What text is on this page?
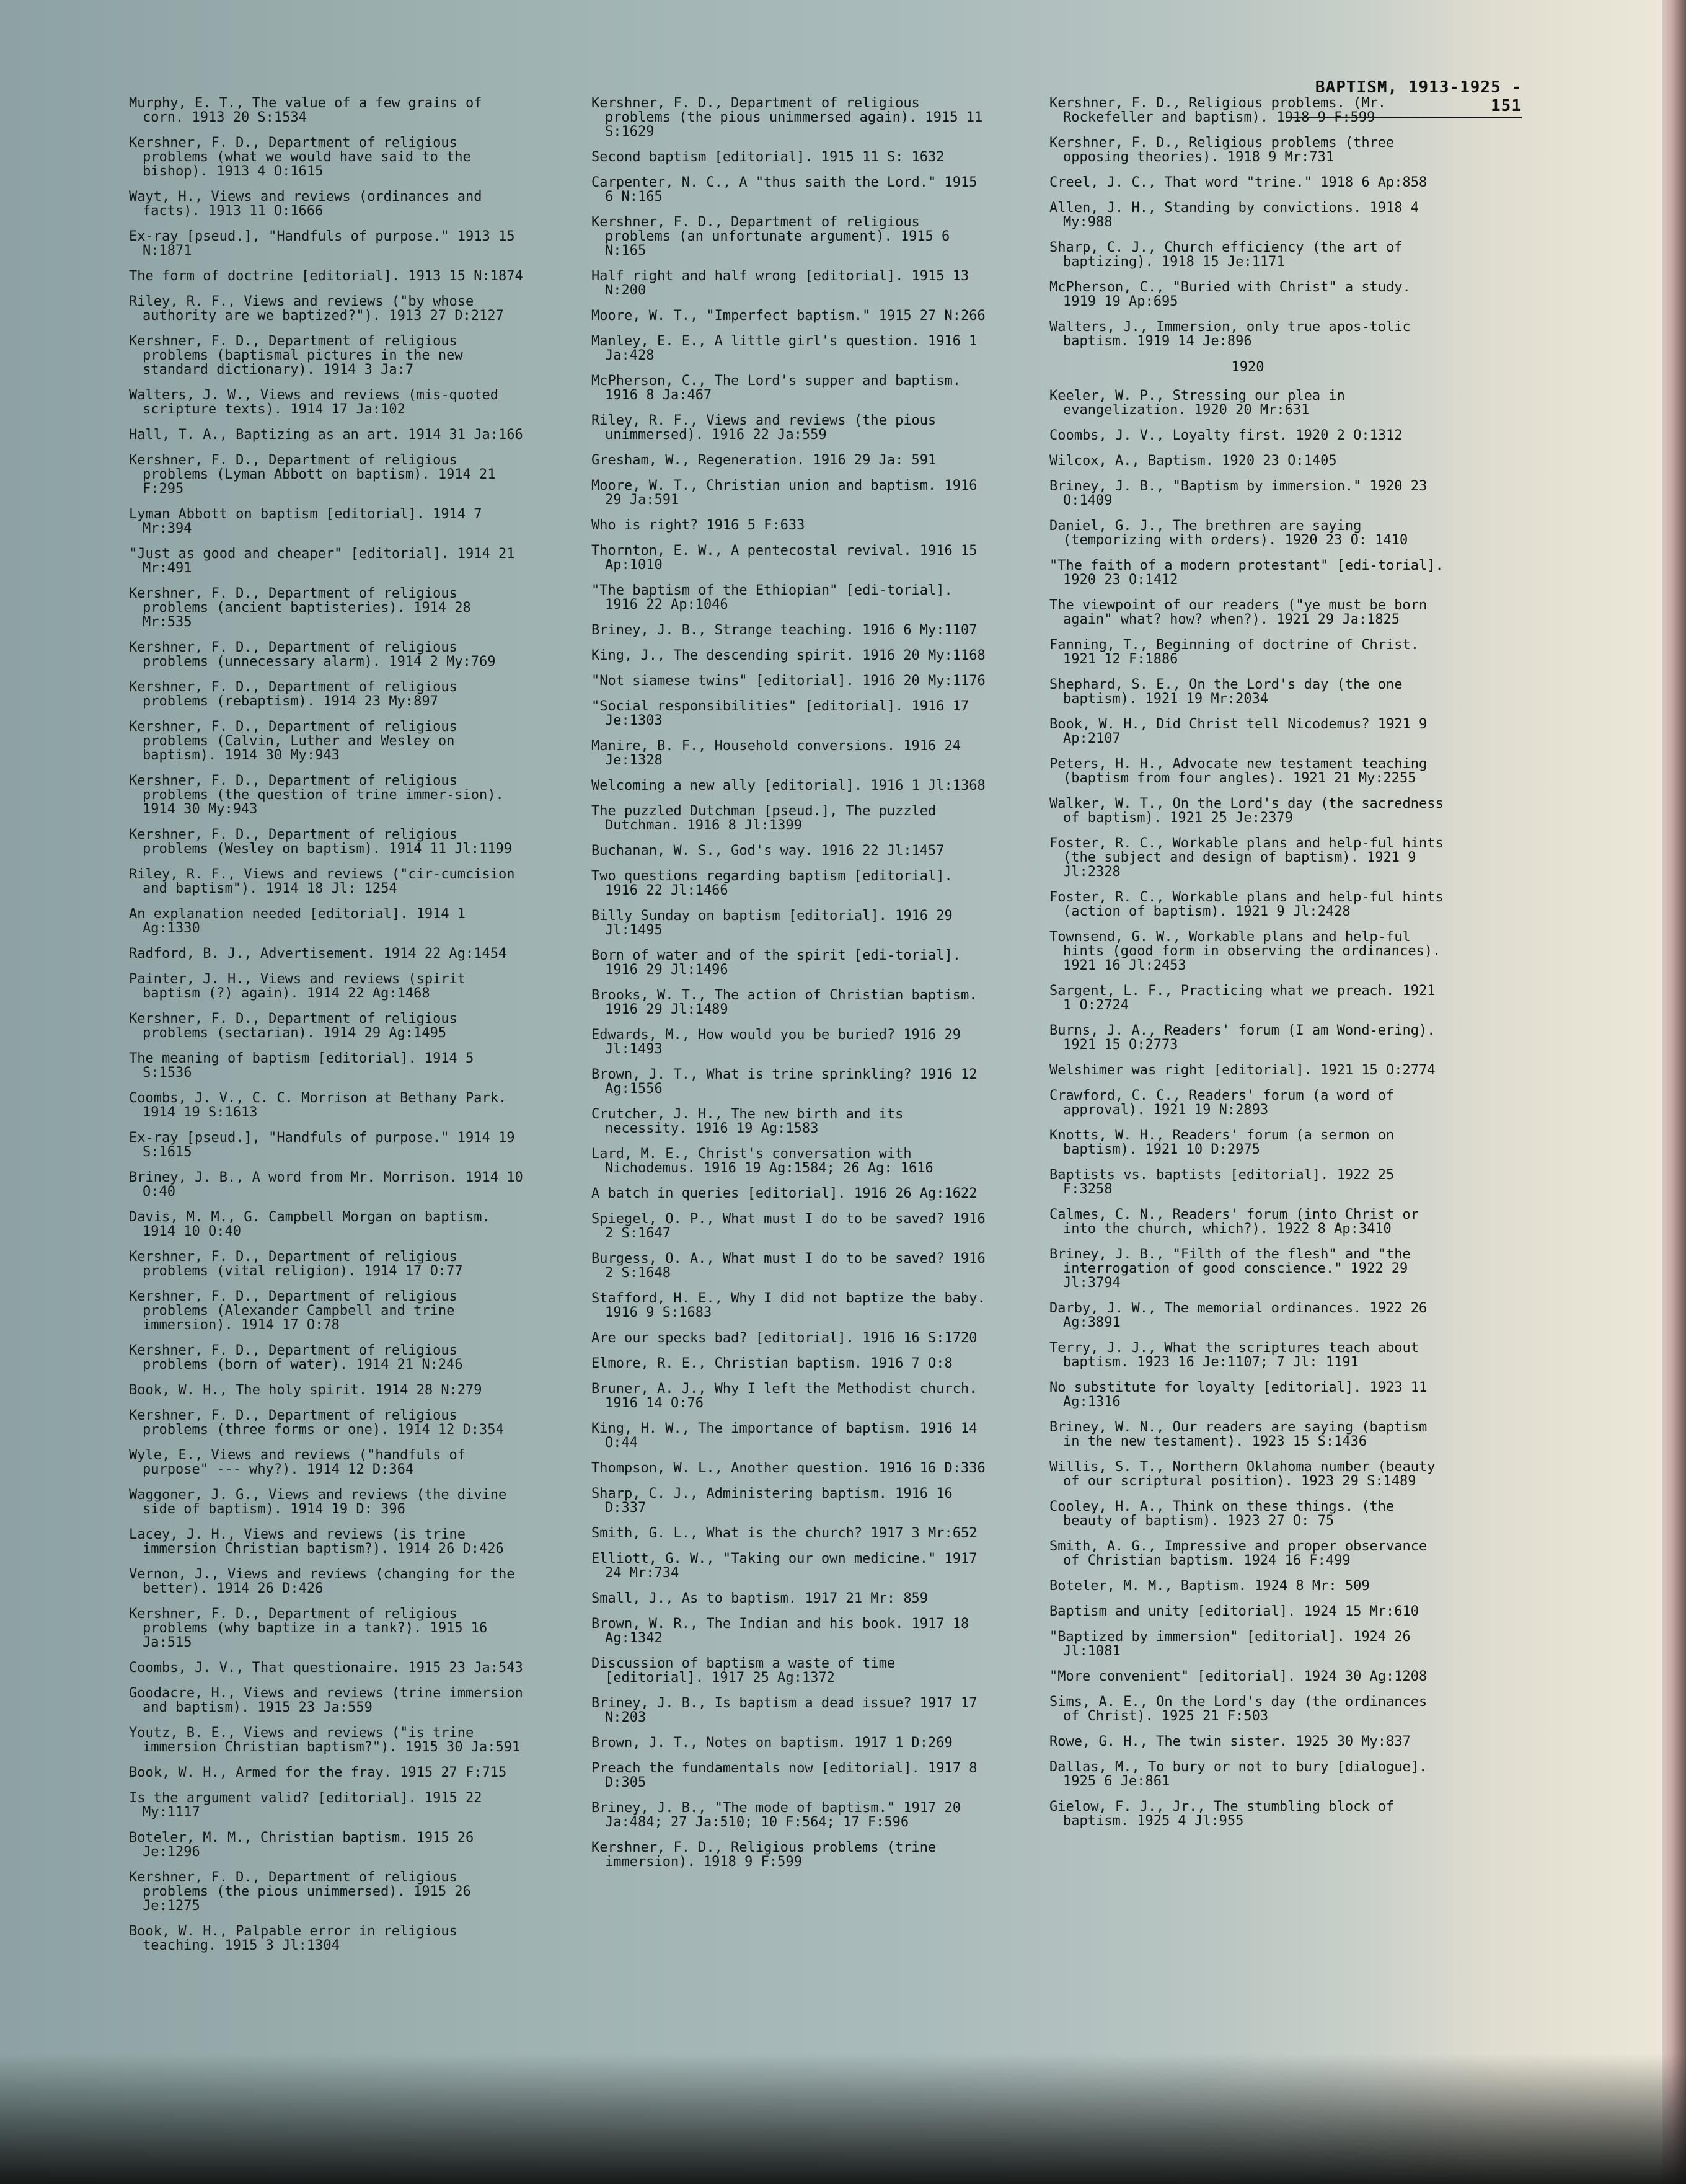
BAPTISM, 1913-1925 - 151
Murphy, E. T., The value of a few grains of corn. 1913 20 S:1534
Kershner, F. D., Department of religious problems (what we would have said to the bishop). 1913 4 O:1615
Wayt, H., Views and reviews (ordinances and facts). 1913 11 O:1666
Ex-ray [pseud.], "Handfuls of purpose." 1913 15 N:1871
The form of doctrine [editorial]. 1913 15 N:1874
Riley, R. F., Views and reviews ("by whose authority are we baptized?"). 1913 27 D:2127
Kershner, F. D., Department of religious problems (baptismal pictures in the new standard dictionary). 1914 3 Ja:7
Walters, J. W., Views and reviews (mis-quoted scripture texts). 1914 17 Ja:102
Hall, T. A., Baptizing as an art. 1914 31 Ja:166
Kershner, F. D., Department of religious problems (Lyman Abbott on baptism). 1914 21 F:295
Lyman Abbott on baptism [editorial]. 1914 7 Mr:394
"Just as good and cheaper" [editorial]. 1914 21 Mr:491
Kershner, F. D., Department of religious problems (ancient baptisteries). 1914 28 Mr:535
Kershner, F. D., Department of religious problems (unnecessary alarm). 1914 2 My:769
Kershner, F. D., Department of religious problems (rebaptism). 1914 23 My:897
Kershner, F. D., Department of religious problems (Calvin, Luther and Wesley on baptism). 1914 30 My:943
Kershner, F. D., Department of religious problems (the question of trine immer-sion). 1914 30 My:943
Kershner, F. D., Department of religious problems (Wesley on baptism). 1914 11 Jl:1199
Riley, R. F., Views and reviews ("cir-cumcision and baptism"). 1914 18 Jl: 1254
An explanation needed [editorial]. 1914 1 Ag:1330
Radford, B. J., Advertisement. 1914 22 Ag:1454
Painter, J. H., Views and reviews (spirit baptism (?) again). 1914 22 Ag:1468
Kershner, F. D., Department of religious problems (sectarian). 1914 29 Ag:1495
The meaning of baptism [editorial]. 1914 5 S:1536
Coombs, J. V., C. C. Morrison at Bethany Park. 1914 19 S:1613
Ex-ray [pseud.], "Handfuls of purpose." 1914 19 S:1615
Briney, J. B., A word from Mr. Morrison. 1914 10 O:40
Davis, M. M., G. Campbell Morgan on baptism. 1914 10 O:40
Kershner, F. D., Department of religious problems (vital religion). 1914 17 O:77
Kershner, F. D., Department of religious problems (Alexander Campbell and trine immersion). 1914 17 O:78
Kershner, F. D., Department of religious problems (born of water). 1914 21 N:246
Book, W. H., The holy spirit. 1914 28 N:279
Kershner, F. D., Department of religious problems (three forms or one). 1914 12 D:354
Wyle, E., Views and reviews ("handfuls of purpose" --- why?). 1914 12 D:364
Waggoner, J. G., Views and reviews (the divine side of baptism). 1914 19 D: 396
Lacey, J. H., Views and reviews (is trine immersion Christian baptism?). 1914 26 D:426
Vernon, J., Views and reviews (changing for the better). 1914 26 D:426
Kershner, F. D., Department of religious problems (why baptize in a tank?). 1915 16 Ja:515
Coombs, J. V., That questionaire. 1915 23 Ja:543
Goodacre, H., Views and reviews (trine immersion and baptism). 1915 23 Ja:559
Youtz, B. E., Views and reviews ("is trine immersion Christian baptism?"). 1915 30 Ja:591
Book, W. H., Armed for the fray. 1915 27 F:715
Is the argument valid? [editorial]. 1915 22 My:1117
Boteler, M. M., Christian baptism. 1915 26 Je:1296
Kershner, F. D., Department of religious problems (the pious unimmersed). 1915 26 Je:1275
Book, W. H., Palpable error in religious teaching. 1915 3 Jl:1304
Kershner, F. D., Department of religious problems (the pious unimmersed again). 1915 11 S:1629
Second baptism [editorial]. 1915 11 S: 1632
Carpenter, N. C., A "thus saith the Lord." 1915 6 N:165
Kershner, F. D., Department of religious problems (an unfortunate argument). 1915 6 N:165
Half right and half wrong [editorial]. 1915 13 N:200
Moore, W. T., "Imperfect baptism." 1915 27 N:266
Manley, E. E., A little girl's question. 1916 1 Ja:428
McPherson, C., The Lord's supper and baptism. 1916 8 Ja:467
Riley, R. F., Views and reviews (the pious unimmersed). 1916 22 Ja:559
Gresham, W., Regeneration. 1916 29 Ja: 591
Moore, W. T., Christian union and baptism. 1916 29 Ja:591
Who is right? 1916 5 F:633
Thornton, E. W., A pentecostal revival. 1916 15 Ap:1010
"The baptism of the Ethiopian" [edi-torial]. 1916 22 Ap:1046
Briney, J. B., Strange teaching. 1916 6 My:1107
King, J., The descending spirit. 1916 20 My:1168
"Not siamese twins" [editorial]. 1916 20 My:1176
"Social responsibilities" [editorial]. 1916 17 Je:1303
Manire, B. F., Household conversions. 1916 24 Je:1328
Welcoming a new ally [editorial]. 1916 1 Jl:1368
The puzzled Dutchman [pseud.], The puzzled Dutchman. 1916 8 Jl:1399
Buchanan, W. S., God's way. 1916 22 Jl:1457
Two questions regarding baptism [editorial]. 1916 22 Jl:1466
Billy Sunday on baptism [editorial]. 1916 29 Jl:1495
Born of water and of the spirit [edi-torial]. 1916 29 Jl:1496
Brooks, W. T., The action of Christian baptism. 1916 29 Jl:1489
Edwards, M., How would you be buried? 1916 29 Jl:1493
Brown, J. T., What is trine sprinkling? 1916 12 Ag:1556
Crutcher, J. H., The new birth and its necessity. 1916 19 Ag:1583
Lard, M. E., Christ's conversation with Nichodemus. 1916 19 Ag:1584; 26 Ag: 1616
A batch in queries [editorial]. 1916 26 Ag:1622
Spiegel, O. P., What must I do to be saved? 1916 2 S:1647
Burgess, O. A., What must I do to be saved? 1916 2 S:1648
Stafford, H. E., Why I did not baptize the baby. 1916 9 S:1683
Are our specks bad? [editorial]. 1916 16 S:1720
Elmore, R. E., Christian baptism. 1916 7 O:8
Bruner, A. J., Why I left the Methodist church. 1916 14 O:76
King, H. W., The importance of baptism. 1916 14 O:44
Thompson, W. L., Another question. 1916 16 D:336
Sharp, C. J., Administering baptism. 1916 16 D:337
Smith, G. L., What is the church? 1917 3 Mr:652
Elliott, G. W., "Taking our own medicine." 1917 24 Mr:734
Small, J., As to baptism. 1917 21 Mr: 859
Brown, W. R., The Indian and his book. 1917 18 Ag:1342
Discussion of baptism a waste of time [editorial]. 1917 25 Ag:1372
Briney, J. B., Is baptism a dead issue? 1917 17 N:203
Brown, J. T., Notes on baptism. 1917 1 D:269
Preach the fundamentals now [editorial]. 1917 8 D:305
Briney, J. B., "The mode of baptism." 1917 20 Ja:484; 27 Ja:510; 10 F:564; 17 F:596
Kershner, F. D., Religious problems (trine immersion). 1918 9 F:599
Kershner, F. D., Religious problems. (Mr. Rockefeller and baptism). 1918 9 F:599
Kershner, F. D., Religious problems (three opposing theories). 1918 9 Mr:731
Creel, J. C., That word "trine." 1918 6 Ap:858
Allen, J. H., Standing by convictions. 1918 4 My:988
Sharp, C. J., Church efficiency (the art of baptizing). 1918 15 Je:1171
McPherson, C., "Buried with Christ" a study. 1919 19 Ap:695
Walters, J., Immersion, only true apos-tolic baptism. 1919 14 Je:896
1920
Keeler, W. P., Stressing our plea in evangelization. 1920 20 Mr:631
Coombs, J. V., Loyalty first. 1920 2 O:1312
Wilcox, A., Baptism. 1920 23 O:1405
Briney, J. B., "Baptism by immersion." 1920 23 O:1409
Daniel, G. J., The brethren are saying (temporizing with orders). 1920 23 O: 1410
"The faith of a modern protestant" [edi-torial]. 1920 23 O:1412
The viewpoint of our readers ("ye must be born again" what? how? when?). 1921 29 Ja:1825
Fanning, T., Beginning of doctrine of Christ. 1921 12 F:1886
Shephard, S. E., On the Lord's day (the one baptism). 1921 19 Mr:2034
Book, W. H., Did Christ tell Nicodemus? 1921 9 Ap:2107
Peters, H. H., Advocate new testament teaching (baptism from four angles). 1921 21 My:2255
Walker, W. T., On the Lord's day (the sacredness of baptism). 1921 25 Je:2379
Foster, R. C., Workable plans and help-ful hints (the subject and design of baptism). 1921 9 Jl:2328
Foster, R. C., Workable plans and help-ful hints (action of baptism). 1921 9 Jl:2428
Townsend, G. W., Workable plans and help-ful hints (good form in observing the ordinances). 1921 16 Jl:2453
Sargent, L. F., Practicing what we preach. 1921 1 O:2724
Burns, J. A., Readers' forum (I am Wond-ering). 1921 15 O:2773
Welshimer was right [editorial]. 1921 15 O:2774
Crawford, C. C., Readers' forum (a word of approval). 1921 19 N:2893
Knotts, W. H., Readers' forum (a sermon on baptism). 1921 10 D:2975
Baptists vs. baptists [editorial]. 1922 25 F:3258
Calmes, C. N., Readers' forum (into Christ or into the church, which?). 1922 8 Ap:3410
Briney, J. B., "Filth of the flesh" and "the interrogation of good conscience." 1922 29 Jl:3794
Darby, J. W., The memorial ordinances. 1922 26 Ag:3891
Terry, J. J., What the scriptures teach about baptism. 1923 16 Je:1107; 7 Jl: 1191
No substitute for loyalty [editorial]. 1923 11 Ag:1316
Briney, W. N., Our readers are saying (baptism in the new testament). 1923 15 S:1436
Willis, S. T., Northern Oklahoma number (beauty of our scriptural position). 1923 29 S:1489
Cooley, H. A., Think on these things. (the beauty of baptism). 1923 27 O: 75
Smith, A. G., Impressive and proper observance of Christian baptism. 1924 16 F:499
Boteler, M. M., Baptism. 1924 8 Mr: 509
Baptism and unity [editorial]. 1924 15 Mr:610
"Baptized by immersion" [editorial]. 1924 26 Jl:1081
"More convenient" [editorial]. 1924 30 Ag:1208
Sims, A. E., On the Lord's day (the ordinances of Christ). 1925 21 F:503
Rowe, G. H., The twin sister. 1925 30 My:837
Dallas, M., To bury or not to bury [dialogue]. 1925 6 Je:861
Gielow, F. J., Jr., The stumbling block of baptism. 1925 4 Jl:955
